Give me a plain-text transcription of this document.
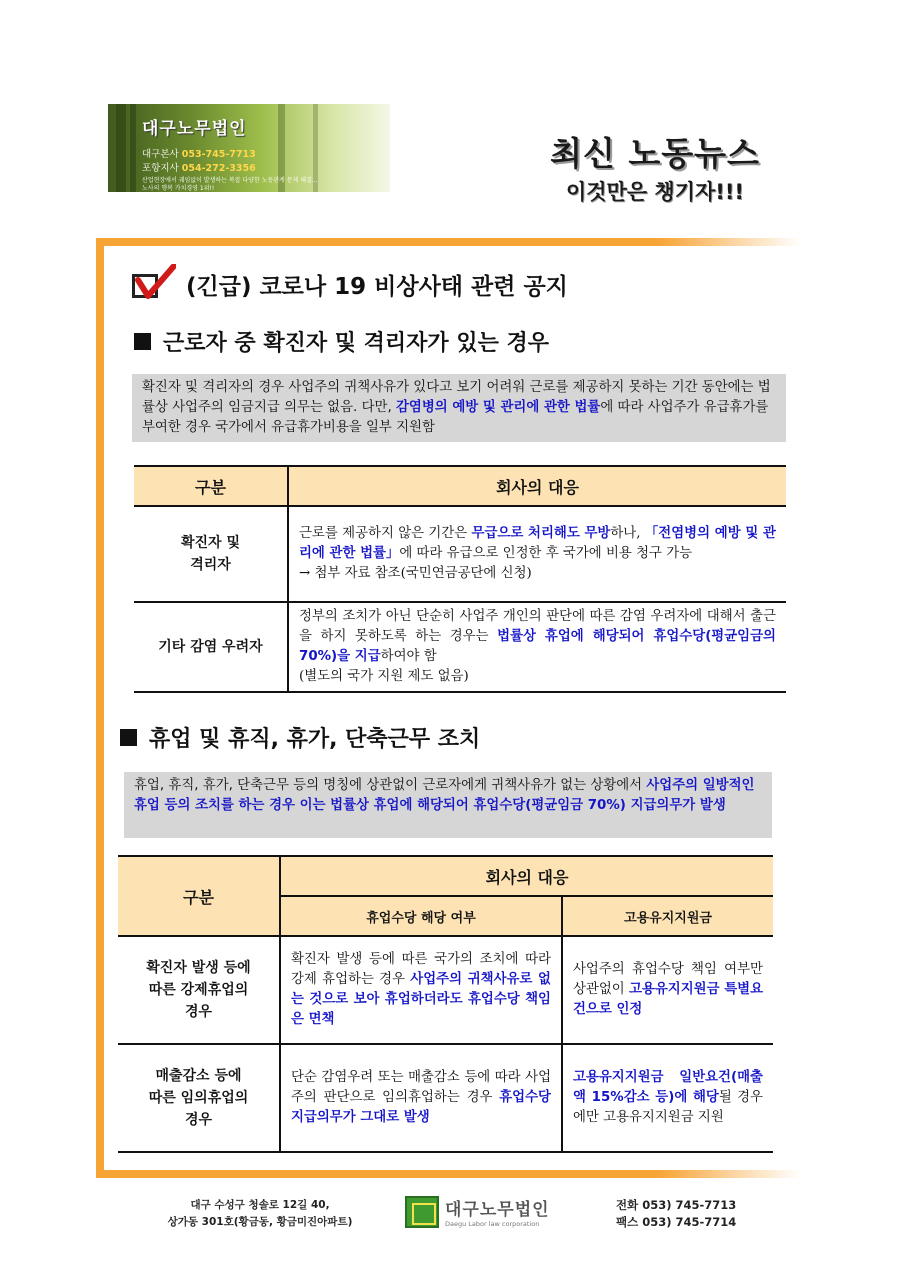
대구노무법인
대구본사 053-745-7713
포항지사 054-272-3356
산업현장에서 궤임없이 발생하는 복잡 다양한 노동관계 문제 해결...
노사의 행복 가치경영 1위!!
최신 노동뉴스
이것만은 챙기자!!!
(긴급) 코로나 19 비상사태 관련 공지
근로자 중 확진자 및 격리자가 있는 경우
확진자 및 격리자의 경우 사업주의 귀책사유가 있다고 보기 어려워 근로를 제공하지 못하는 기간 동안에는 법률상 사업주의 임금지급 의무는 없음. 다만, 감염병의 예방 및 관리에 관한 법률에 따라 사업주가 유급휴가를 부여한 경우 국가에서 유급휴가비용을 일부 지원함
구분	회사의 대응
확진자 및
격리자	근로를 제공하지 않은 기간은 무급으로 처리해도 무방하나, 「전염병의 예방 및 관리에 관한 법률」에 따라 유급으로 인정한 후 국가에 비용 청구 가능
→ 첨부 자료 참조(국민연금공단에 신청)
기타 감염 우려자	정부의 조치가 아닌 단순히 사업주 개인의 판단에 따른 감염 우려자에 대해서 출근을 하지 못하도록 하는 경우는 법률상 휴업에 해당되어 휴업수당(평균임금의 70%)을 지급하여야 함
(별도의 국가 지원 제도 없음)
휴업 및 휴직, 휴가, 단축근무 조치
휴업, 휴직, 휴가, 단축근무 등의 명칭에 상관없이 근로자에게 귀책사유가 없는 상황에서 사업주의 일방적인 휴업 등의 조치를 하는 경우 이는 법률상 휴업에 해당되어 휴업수당(평균임금 70%) 지급의무가 발생
구분	회사의 대응	
	휴업수당 해당 여부	고용유지지원금
확진자 발생 등에
따른 강제휴업의
경우	확진자 발생 등에 따른 국가의 조치에 따라 강제 휴업하는 경우 사업주의 귀책사유로 없는 것으로 보아 휴업하더라도 휴업수당 책임은 면책	사업주의 휴업수당 책임 여부만 상관없이 고용유지지원금 특별요건으로 인정
매출감소 등에
따른 임의휴업의
경우	단순 감염우려 또는 매출감소 등에 따라 사업주의 판단으로 임의휴업하는 경우 휴업수당 지급의무가 그대로 발생	고용유지지원금 일반요건(매출액 15%감소 등)에 해당될 경우에만 고용유지지원금 지원
대구 수성구 청솔로 12길 40,
상가동 301호(황금동, 황금미진아파트)
대구노무법인
Daegu Labor law corporation
전화 053) 745-7713
팩스 053) 745-7714
